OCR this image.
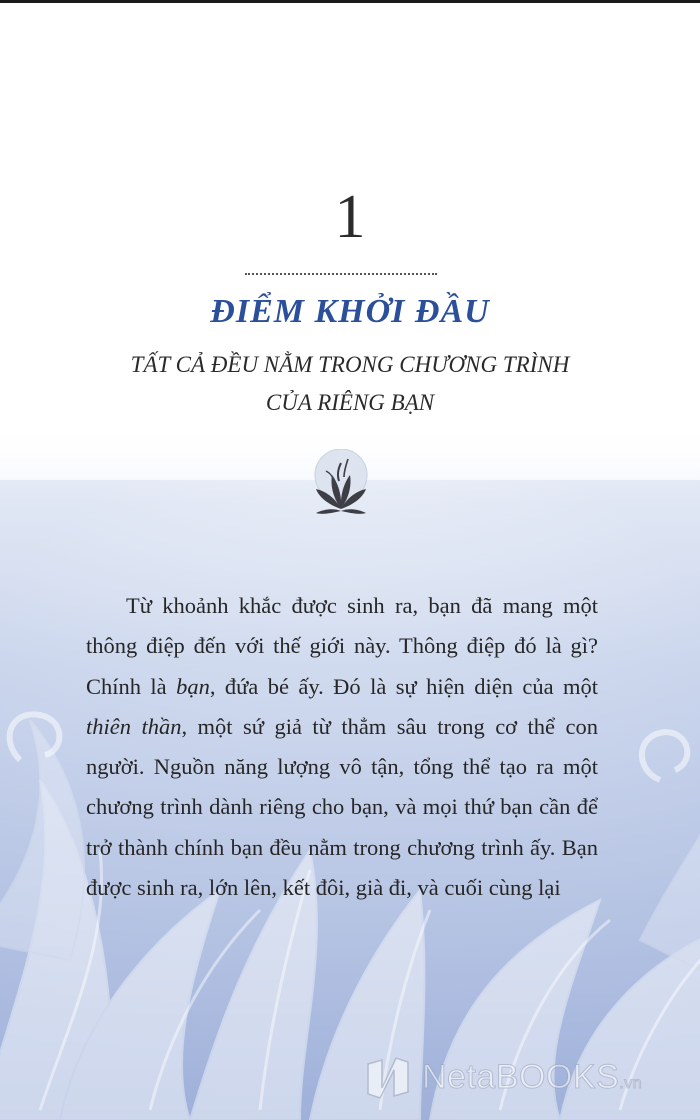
1
ĐIỂM KHỞI ĐẦU
TẤT CẢ ĐỀU NẰM TRONG CHƯƠNG TRÌNH
CỦA RIÊNG BẠN

Từ khoảnh khắc được sinh ra, bạn đã mang một thông điệp đến với thế giới này. Thông điệp đó là gì? Chính là bạn, đứa bé ấy. Đó là sự hiện diện của một thiên thần, một sứ giả từ thẳm sâu trong cơ thể con người. Nguồn năng lượng vô tận, tổng thể tạo ra một chương trình dành riêng cho bạn, và mọi thứ bạn cần để trở thành chính bạn đều nằm trong chương trình ấy. Bạn được sinh ra, lớn lên, kết đôi, già đi, và cuối cùng lại

NetaBOOKS.vn
